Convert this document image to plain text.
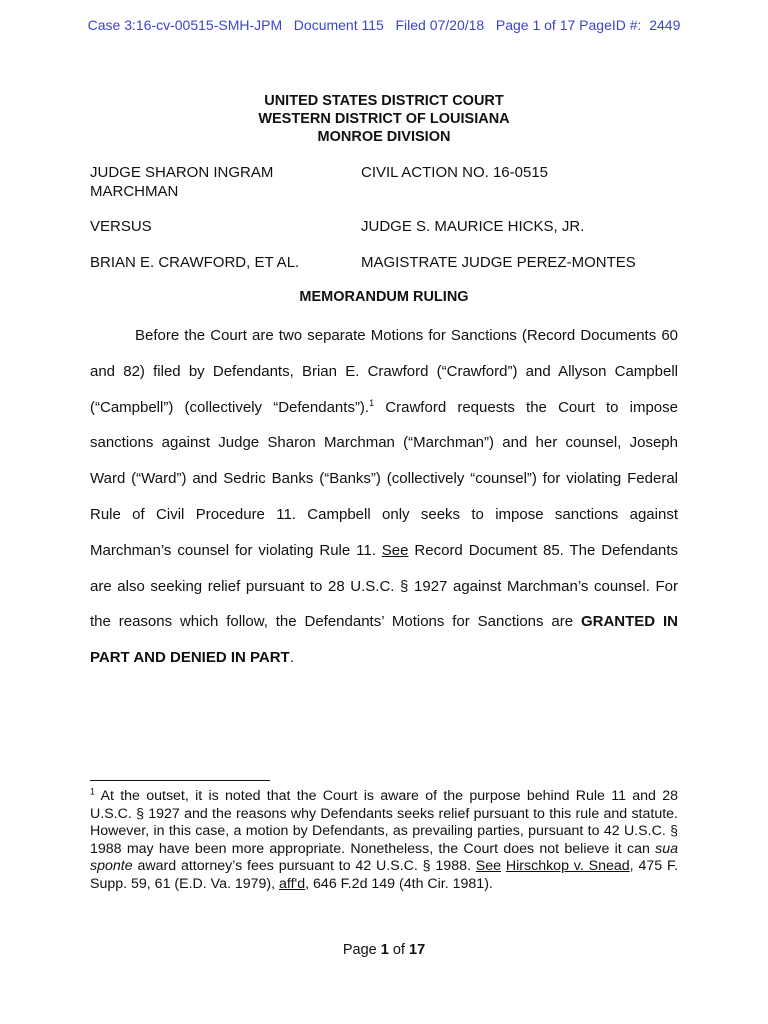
Case 3:16-cv-00515-SMH-JPM   Document 115   Filed 07/20/18   Page 1 of 17 PageID #:  2449
UNITED STATES DISTRICT COURT
WESTERN DISTRICT OF LOUISIANA
MONROE DIVISION
JUDGE SHARON INGRAM
MARCHMAN
CIVIL ACTION NO. 16-0515
VERSUS	JUDGE S. MAURICE HICKS, JR.
BRIAN E. CRAWFORD, ET AL.	MAGISTRATE JUDGE PEREZ-MONTES
MEMORANDUM RULING

Before the Court are two separate Motions for Sanctions (Record Documents 60 and 82) filed by Defendants, Brian E. Crawford (“Crawford”) and Allyson Campbell (“Campbell”) (collectively “Defendants”).$^1$ Crawford requests the Court to impose sanctions against Judge Sharon Marchman (“Marchman”) and her counsel, Joseph Ward (“Ward”) and Sedric Banks (“Banks”) (collectively “counsel”) for violating Federal Rule of Civil Procedure 11. Campbell only seeks to impose sanctions against Marchman’s counsel for violating Rule 11. See Record Document 85. The Defendants are also seeking relief pursuant to 28 U.S.C. § 1927 against Marchman’s counsel. For the reasons which follow, the Defendants’ Motions for Sanctions are GRANTED IN PART AND DENIED IN PART.

$^1$ At the outset, it is noted that the Court is aware of the purpose behind Rule 11 and 28 U.S.C. § 1927 and the reasons why Defendants seeks relief pursuant to this rule and statute. However, in this case, a motion by Defendants, as prevailing parties, pursuant to 42 U.S.C. § 1988 may have been more appropriate. Nonetheless, the Court does not believe it can sua sponte award attorney’s fees pursuant to 42 U.S.C. § 1988. See Hirschkop v. Snead, 475 F. Supp. 59, 61 (E.D. Va. 1979), aff'd, 646 F.2d 149 (4th Cir. 1981).
Page 1 of 17
